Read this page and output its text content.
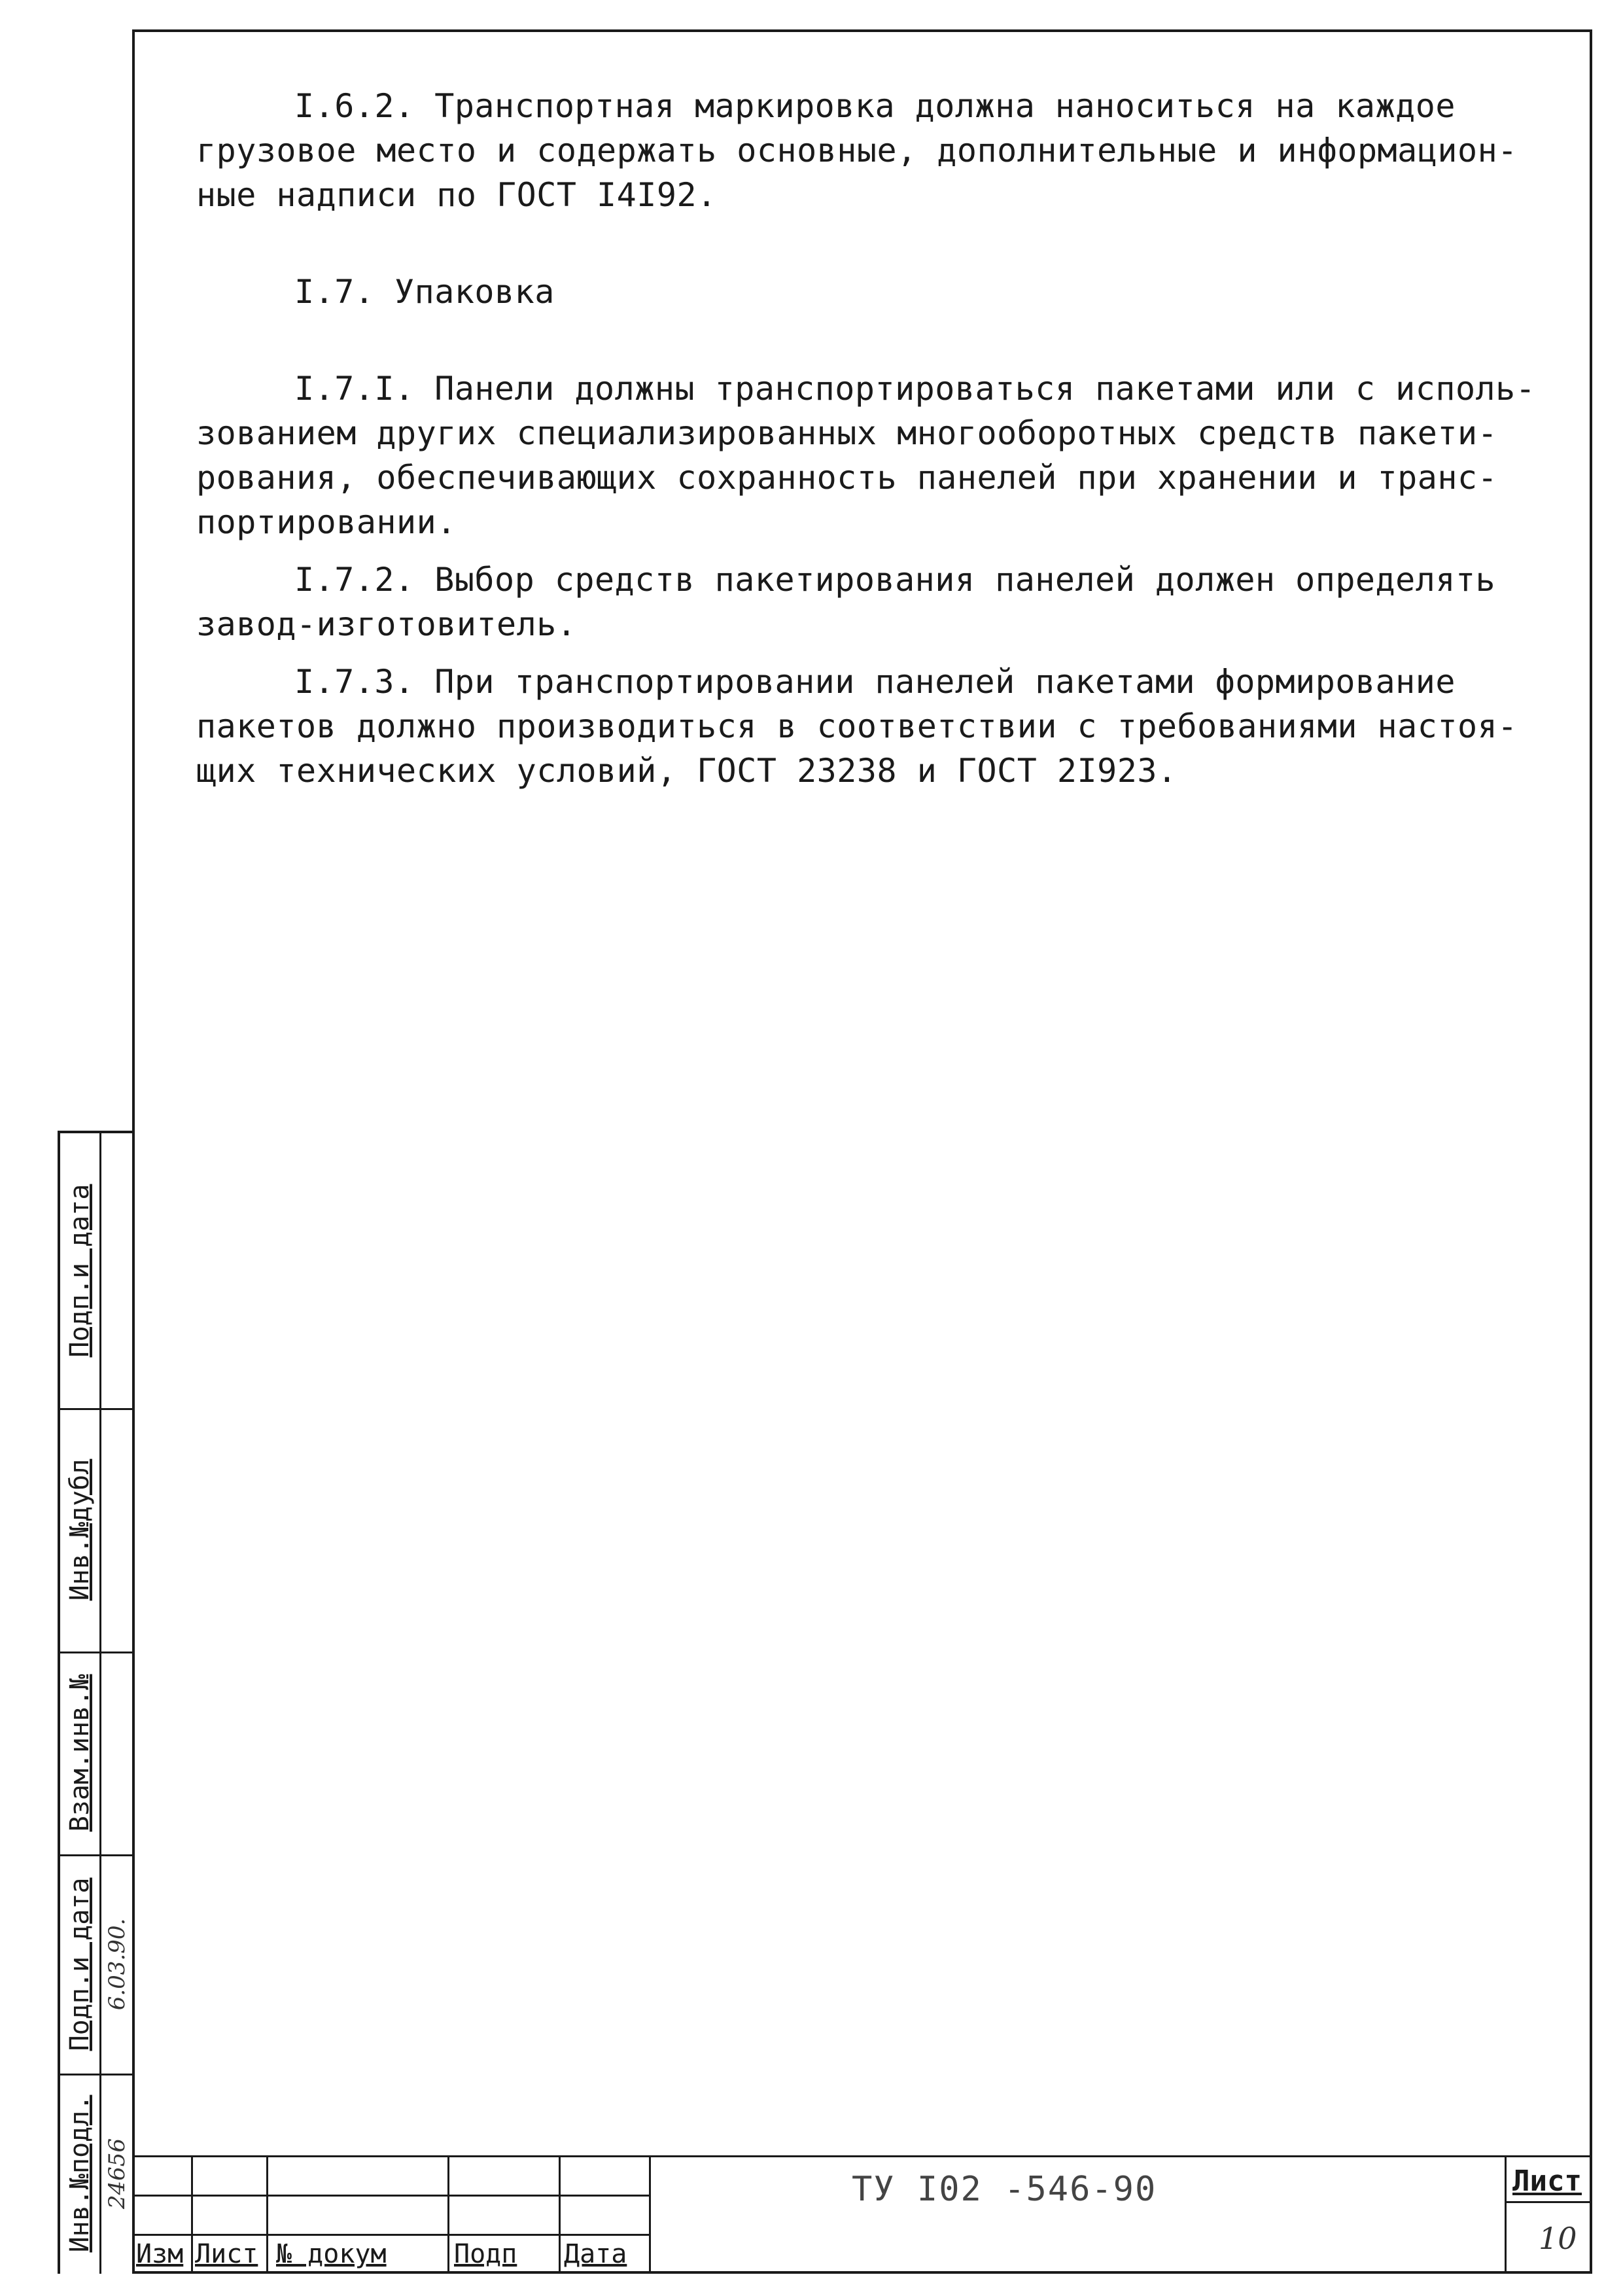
I.6.2. Транспортная маркировка должна наноситься на каждое грузовое место и содержать основные, дополнительные и информацион- ные надписи по ГОСТ I4I92.

I.7. Упаковка

I.7.I. Панели должны транспортироваться пакетами или с исполь- зованием других специализированных многооборотных средств пакети- рования, обеспечивающих сохранность панелей при хранении и транс- портировании.

I.7.2. Выбор средств пакетирования панелей должен определять завод-изготовитель.

I.7.3. При транспортировании панелей пакетами формирование пакетов должно производиться в соответствии с требованиями настоя- щих технических условий, ГОСТ 23238 и ГОСТ 2I923.

Подп.и дата
Инв.№дубл
Взам.инв.№
Подп.и дата
Инв.№подл.
6.03.90.
24656
Изм Лист № докум	Подп Дата
ТУ I02 -546-90	Лист
10
